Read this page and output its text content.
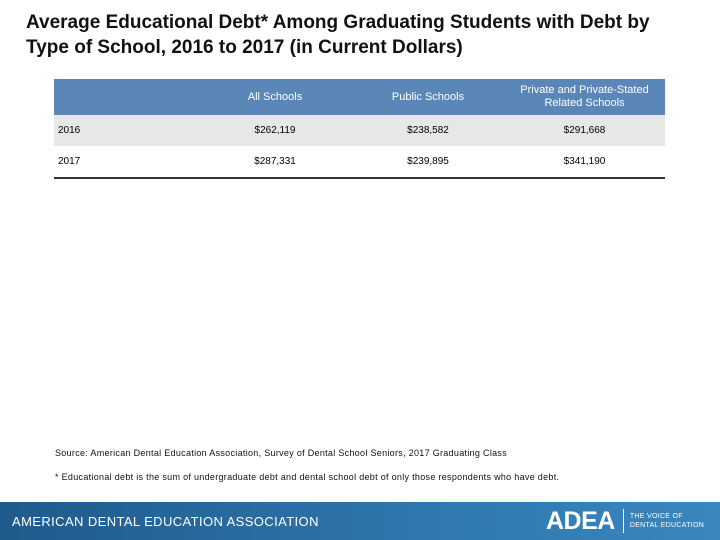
Average Educational Debt* Among Graduating Students with Debt by
Type of School, 2016 to 2017 (in Current Dollars)
	All Schools	Public Schools	Private and Private-Stated Related Schools
2016	$262,119	$238,582	$291,668
2017	$287,331	$239,895	$341,190
Source: American Dental Education Association, Survey of Dental School Seniors, 2017 Graduating Class
* Educational debt is the sum of undergraduate debt and dental school debt of only those respondents who have debt.
AMERICAN DENTAL EDUCATION ASSOCIATION	ADEA THE VOICE OF
DENTAL EDUCATION
